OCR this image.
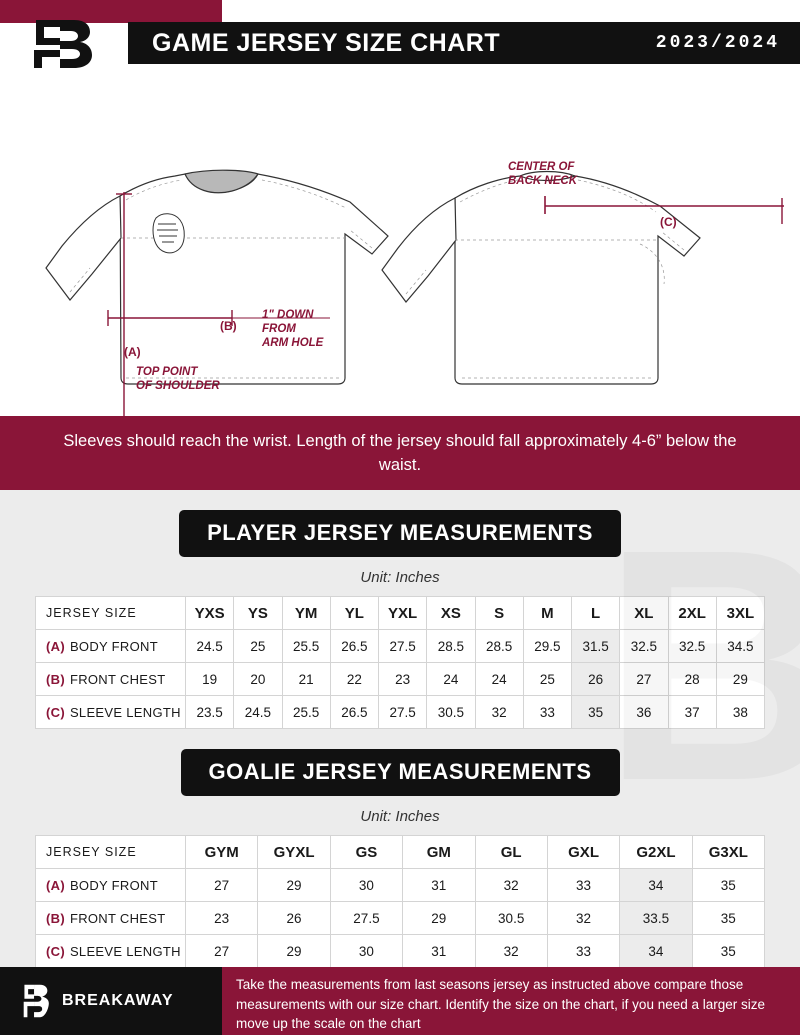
GAME JERSEY SIZE CHART	2023/2024
(B)
(A)
1" DOWN
FROM
ARM HOLE
TOP POINT
OF SHOULDER
CENTER OF
BACK NECK
(C)
Sleeves should reach the wrist. Length of the jersey should fall approximately 4-6” below the waist.
PLAYER JERSEY MEASUREMENTS
Unit: Inches
JERSEY SIZE	YXS	YS	YM	YL	YXL	XS	S	M	L	XL	2XL	3XL
(A) BODY FRONT	24.5	25	25.5	26.5	27.5	28.5	28.5	29.5	31.5	32.5	32.5	34.5
(B) FRONT CHEST	19	20	21	22	23	24	24	25	26	27	28	29
(C) SLEEVE LENGTH	23.5	24.5	25.5	26.5	27.5	30.5	32	33	35	36	37	38
GOALIE JERSEY MEASUREMENTS
Unit: Inches
JERSEY SIZE	GYM	GYXL	GS	GM	GL	GXL	G2XL	G3XL
(A) BODY FRONT	27	29	30	31	32	33	34	35
(B) FRONT CHEST	23	26	27.5	29	30.5	32	33.5	35
(C) SLEEVE LENGTH	27	29	30	31	32	33	34	35
BREAKAWAY
Take the measurements from last seasons jersey as instructed above compare those measurements with our size chart. Identify the size on the chart, if you need a larger size move up the scale on the chart
